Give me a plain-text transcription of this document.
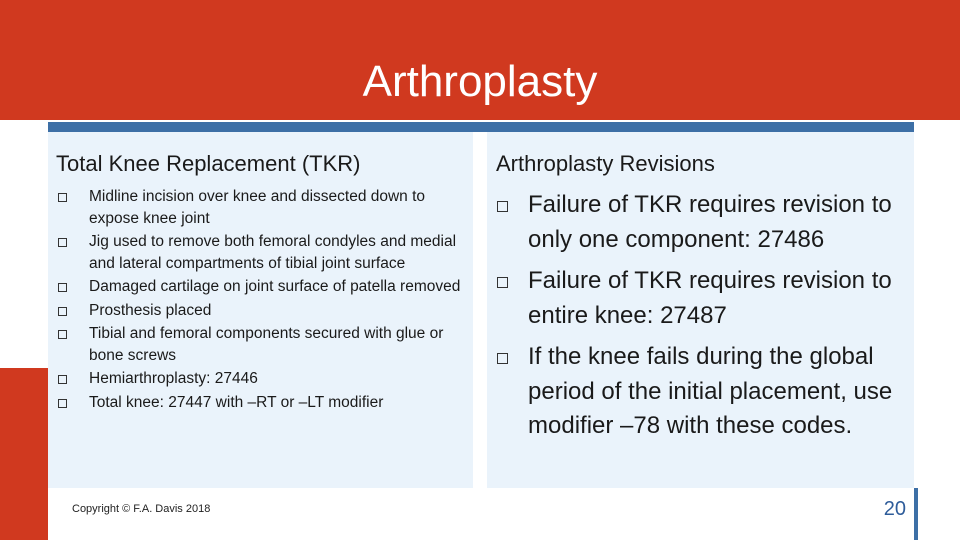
Arthroplasty
Total Knee Replacement (TKR)
Midline incision over knee and dissected down to expose knee joint
Jig used to remove both femoral condyles and medial and lateral compartments of tibial joint surface
Damaged cartilage on joint surface of patella removed
Prosthesis placed
Tibial and femoral components secured with glue or bone screws
Hemiarthroplasty: 27446
Total knee: 27447 with –RT or –LT modifier
Arthroplasty Revisions
Failure of TKR requires revision to only one component: 27486
Failure of TKR requires revision to entire knee: 27487
If the knee fails during the global period of the initial placement, use modifier –78 with these codes.
Copyright © F.A. Davis 2018	20
